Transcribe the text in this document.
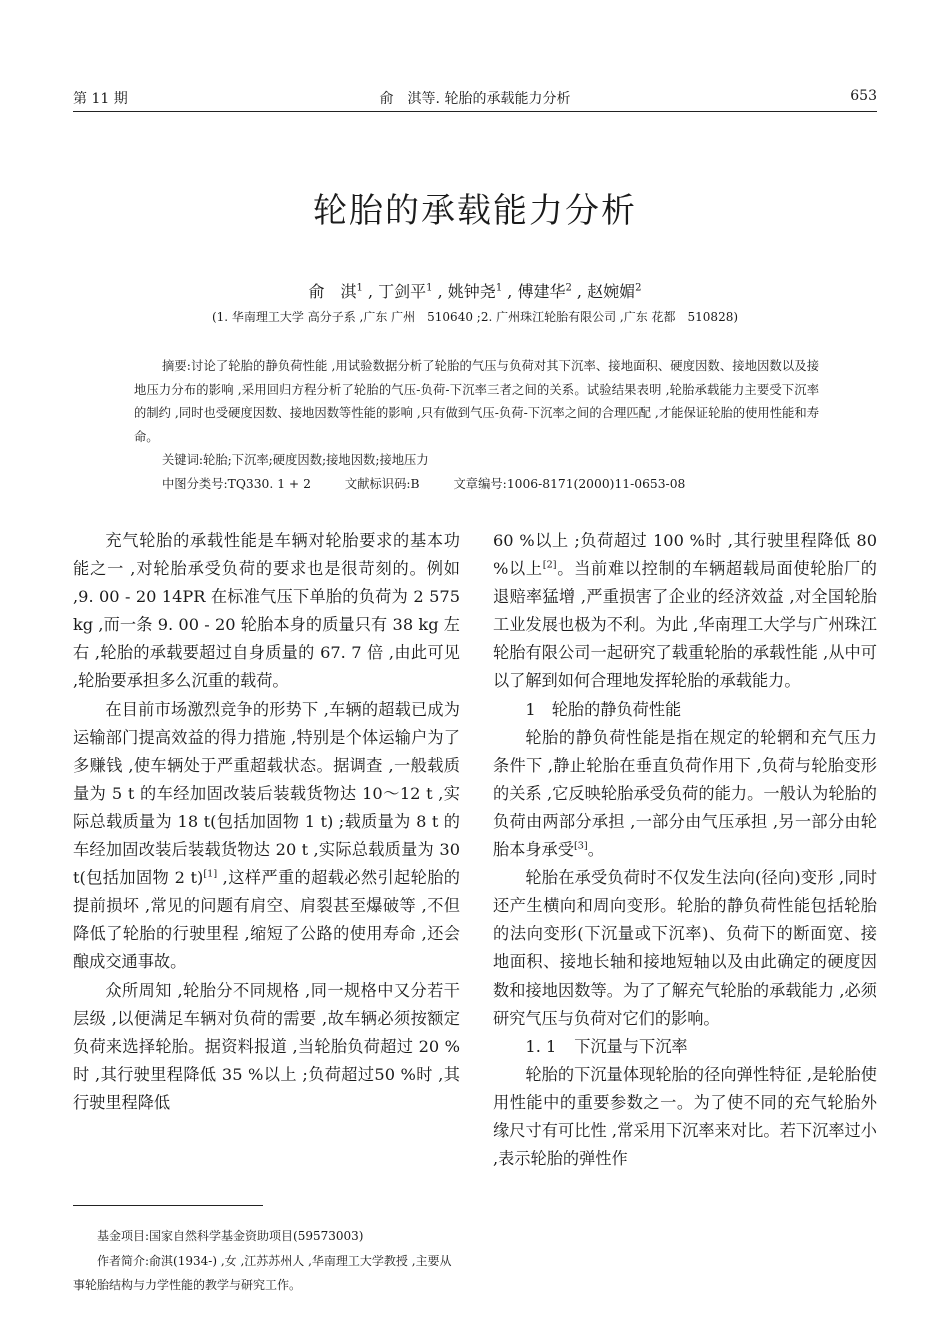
第 11 期	俞　淇等. 轮胎的承载能力分析	653
轮胎的承载能力分析
俞　淇$^1$ , 丁剑平$^1$ , 姚钟尧$^1$ , 傅建华$^2$ , 赵婉媚$^2$
(1. 华南理工大学 高分子系 ,广东 广州　510640 ;2. 广州珠江轮胎有限公司 ,广东 花都　510828)
摘要:讨论了轮胎的静负荷性能 ,用试验数据分析了轮胎的气压与负荷对其下沉率、接地面积、硬度因数、接地因数以及接地压力分布的影响 ,采用回归方程分析了轮胎的气压-负荷-下沉率三者之间的关系。试验结果表明 ,轮胎承载能力主要受下沉率的制约 ,同时也受硬度因数、接地因数等性能的影响 ,只有做到气压-负荷-下沉率之间的合理匹配 ,才能保证轮胎的使用性能和寿命。
关键词:轮胎;下沉率;硬度因数;接地因数;接地压力
中图分类号:TQ330. 1 + 2	文献标识码:B	文章编号:1006-8171(2000)11-0653-08

充气轮胎的承载性能是车辆对轮胎要求的基本功能之一 ,对轮胎承受负荷的要求也是很苛刻的。例如 ,9. 00 - 20 14PR 在标准气压下单胎的负荷为 2 575 kg ,而一条 9. 00 - 20 轮胎本身的质量只有 38 kg 左右 ,轮胎的承载要超过自身质量的 67. 7 倍 ,由此可见 ,轮胎要承担多么沉重的载荷。

在目前市场激烈竞争的形势下 ,车辆的超载已成为运输部门提高效益的得力措施 ,特别是个体运输户为了多赚钱 ,使车辆处于严重超载状态。据调查 ,一般载质量为 5 t 的车经加固改装后装载货物达 10～12 t ,实际总载质量为 18 t(包括加固物 1 t) ;载质量为 8 t 的车经加固改装后装载货物达 20 t ,实际总载质量为 30 t(包括加固物 2 t)[1] ,这样严重的超载必然引起轮胎的提前损坏 ,常见的问题有肩空、肩裂甚至爆破等 ,不但降低了轮胎的行驶里程 ,缩短了公路的使用寿命 ,还会酿成交通事故。

众所周知 ,轮胎分不同规格 ,同一规格中又分若干层级 ,以便满足车辆对负荷的需要 ,故车辆必须按额定负荷来选择轮胎。据资料报道 ,当轮胎负荷超过 20 %时 ,其行驶里程降低 35 %以上 ;负荷超过50 %时 ,其行驶里程降低

基金项目:国家自然科学基金资助项目(59573003)
作者简介:俞淇(1934-) ,女 ,江苏苏州人 ,华南理工大学教授 ,主要从事轮胎结构与力学性能的教学与研究工作。

60 %以上 ;负荷超过 100 %时 ,其行驶里程降低 80 %以上[2]。当前难以控制的车辆超载局面使轮胎厂的退赔率猛增 ,严重损害了企业的经济效益 ,对全国轮胎工业发展也极为不利。为此 ,华南理工大学与广州珠江轮胎有限公司一起研究了载重轮胎的承载性能 ,从中可以了解到如何合理地发挥轮胎的承载能力。

1 轮胎的静负荷性能

轮胎的静负荷性能是指在规定的轮辋和充气压力条件下 ,静止轮胎在垂直负荷作用下 ,负荷与轮胎变形的关系 ,它反映轮胎承受负荷的能力。一般认为轮胎的负荷由两部分承担 ,一部分由气压承担 ,另一部分由轮胎本身承受[3]。

轮胎在承受负荷时不仅发生法向(径向)变形 ,同时还产生横向和周向变形。轮胎的静负荷性能包括轮胎的法向变形(下沉量或下沉率)、负荷下的断面宽、接地面积、接地长轴和接地短轴以及由此确定的硬度因数和接地因数等。为了了解充气轮胎的承载能力 ,必须研究气压与负荷对它们的影响。

1. 1 下沉量与下沉率

轮胎的下沉量体现轮胎的径向弹性特征 ,是轮胎使用性能中的重要参数之一。为了使不同的充气轮胎外缘尺寸有可比性 ,常采用下沉率来对比。若下沉率过小 ,表示轮胎的弹性作
